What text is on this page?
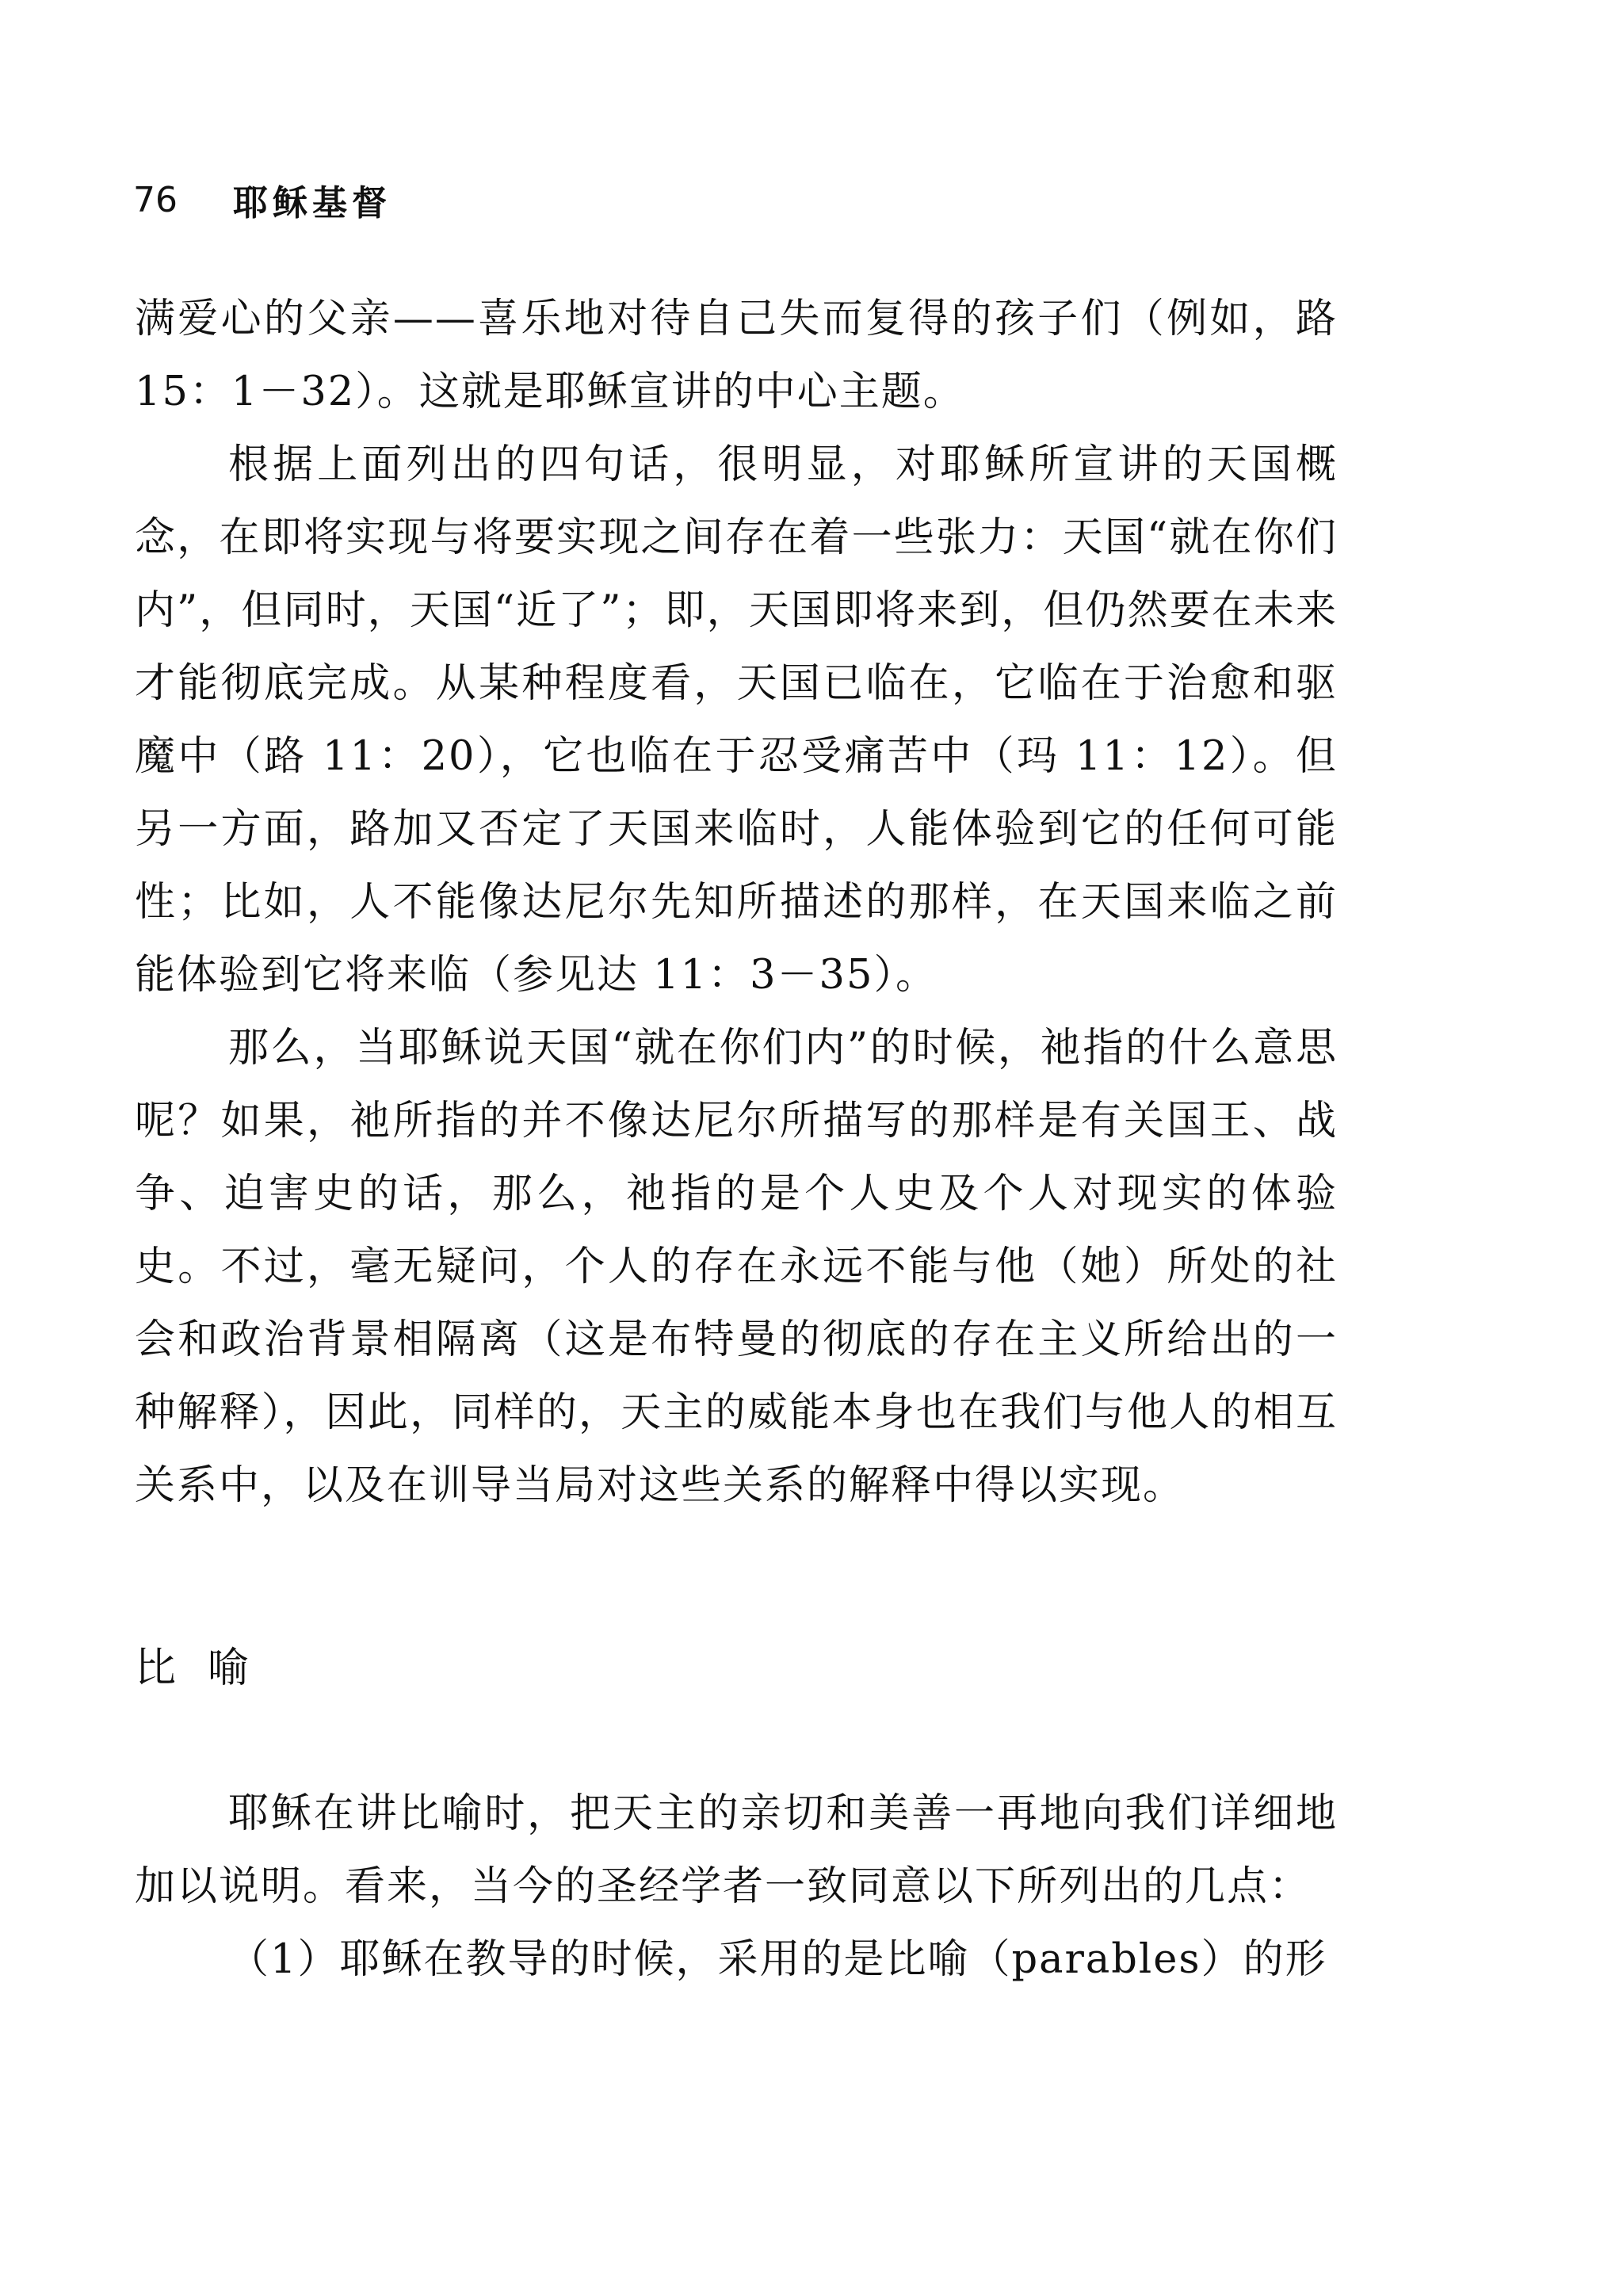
76 耶稣基督

满爱心的父亲——喜乐地对待自己失而复得的孩子们（例如，路 15：1－32）。这就是耶稣宣讲的中心主题。

根据上面列出的四句话，很明显，对耶稣所宣讲的天国概念，在即将实现与将要实现之间存在着一些张力：天国“就在你们内”，但同时，天国“近了”；即，天国即将来到，但仍然要在未来才能彻底完成。从某种程度看，天国已临在，它临在于治愈和驱魔中（路 11：20），它也临在于忍受痛苦中（玛 11：12）。但另一方面，路加又否定了天国来临时，人能体验到它的任何可能性；比如，人不能像达尼尔先知所描述的那样，在天国来临之前能体验到它将来临（参见达 11：3－35）。

那么，当耶稣说天国“就在你们内”的时候，祂指的什么意思呢？如果，祂所指的并不像达尼尔所描写的那样是有关国王、战争、迫害史的话，那么，祂指的是个人史及个人对现实的体验史。不过，毫无疑问，个人的存在永远不能与他（她）所处的社会和政治背景相隔离（这是布特曼的彻底的存在主义所给出的一种解释），因此，同样的，天主的威能本身也在我们与他人的相互关系中，以及在训导当局对这些关系的解释中得以实现。

比喻

耶稣在讲比喻时，把天主的亲切和美善一再地向我们详细地加以说明。看来，当今的圣经学者一致同意以下所列出的几点：

（1）耶稣在教导的时候，采用的是比喻（parables）的形
